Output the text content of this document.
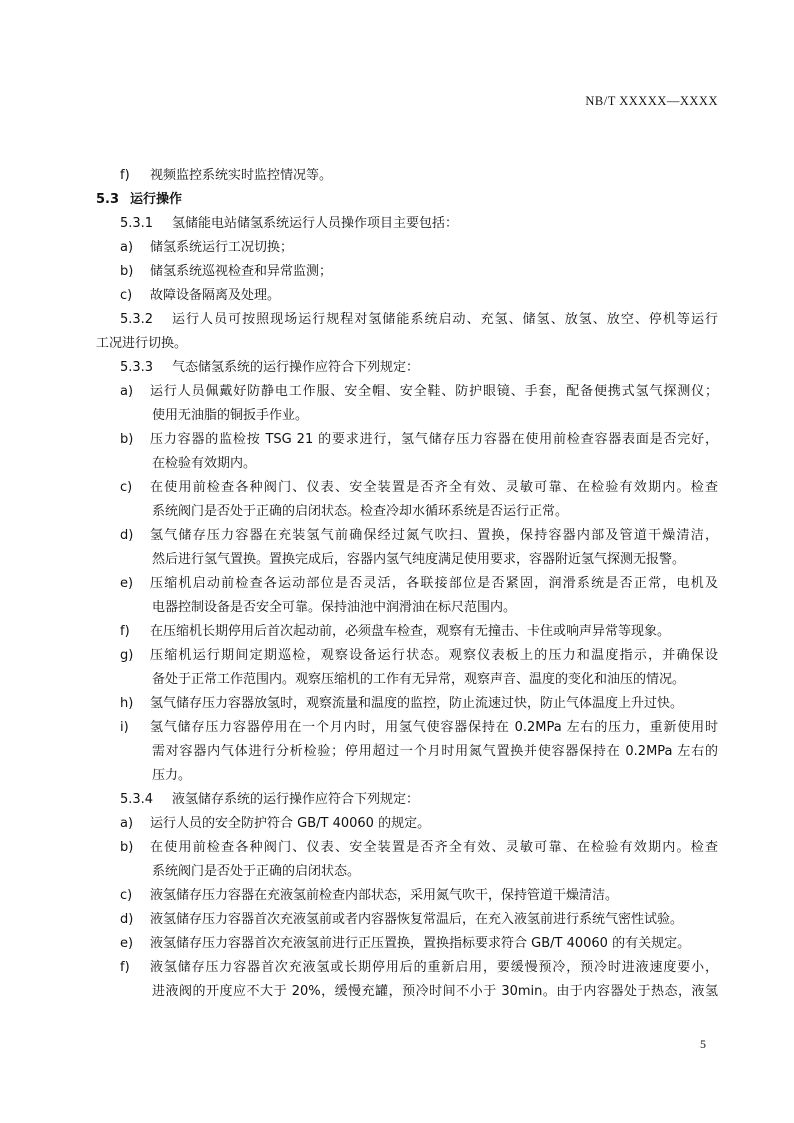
NB/T XXXXX—XXXX
f)	视频监控系统实时监控情况等。
5.3 运行操作
5.3.1	氢储能电站储氢系统运行人员操作项目主要包括：
a)	储氢系统运行工况切换；
b)	储氢系统巡视检查和异常监测；
c)	故障设备隔离及处理。
5.3.2	运行人员可按照现场运行规程对氢储能系统启动、充氢、储氢、放氢、放空、停机等运行
工况进行切换。
5.3.3	气态储氢系统的运行操作应符合下列规定：
a)	运行人员佩戴好防静电工作服、安全帽、安全鞋、防护眼镜、手套，配备便携式氢气探测仪；
使用无油脂的铜扳手作业。
b)	压力容器的监检按 TSG 21 的要求进行，氢气储存压力容器在使用前检查容器表面是否完好，
在检验有效期内。
c)	在使用前检查各种阀门、仪表、安全装置是否齐全有效、灵敏可靠、在检验有效期内。检查
系统阀门是否处于正确的启闭状态。检查冷却水循环系统是否运行正常。
d)	氢气储存压力容器在充装氢气前确保经过氮气吹扫、置换，保持容器内部及管道干燥清洁，
然后进行氢气置换。置换完成后，容器内氢气纯度满足使用要求，容器附近氢气探测无报警。
e)	压缩机启动前检查各运动部位是否灵活，各联接部位是否紧固，润滑系统是否正常，电机及
电器控制设备是否安全可靠。保持油池中润滑油在标尺范围内。
f)	在压缩机长期停用后首次起动前，必须盘车检查，观察有无撞击、卡住或响声异常等现象。
g)	压缩机运行期间定期巡检，观察设备运行状态。观察仪表板上的压力和温度指示，并确保设
备处于正常工作范围内。观察压缩机的工作有无异常，观察声音、温度的变化和油压的情况。
h)	氢气储存压力容器放氢时，观察流量和温度的监控，防止流速过快，防止气体温度上升过快。
i)	氢气储存压力容器停用在一个月内时，用氢气使容器保持在 0.2MPa 左右的压力，重新使用时
需对容器内气体进行分析检验；停用超过一个月时用氮气置换并使容器保持在 0.2MPa 左右的
压力。
5.3.4	液氢储存系统的运行操作应符合下列规定：
a)	运行人员的安全防护符合 GB/T 40060 的规定。
b)	在使用前检查各种阀门、仪表、安全装置是否齐全有效、灵敏可靠、在检验有效期内。检查
系统阀门是否处于正确的启闭状态。
c)	液氢储存压力容器在充液氢前检查内部状态，采用氮气吹干，保持管道干燥清洁。
d)	液氢储存压力容器首次充液氢前或者内容器恢复常温后，在充入液氢前进行系统气密性试验。
e)	液氢储存压力容器首次充液氢前进行正压置换，置换指标要求符合 GB/T 40060 的有关规定。
f)	液氢储存压力容器首次充液氢或长期停用后的重新启用，要缓慢预冷，预冷时进液速度要小，
进液阀的开度应不大于 20%，缓慢充罐，预冷时间不小于 30min。由于内容器处于热态，液氢
5
